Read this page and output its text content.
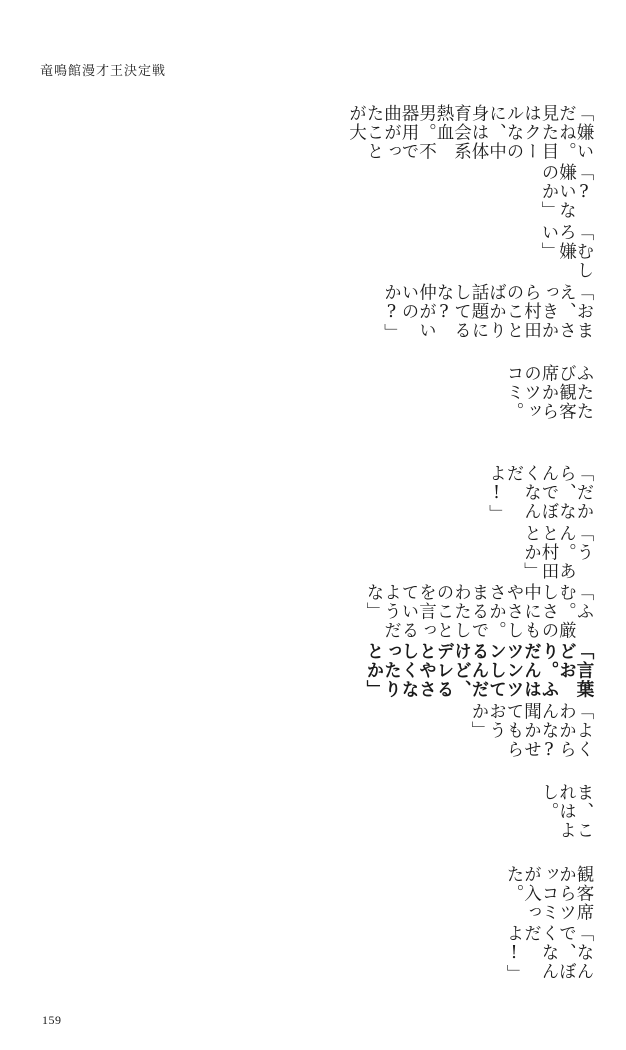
竜鳴館漫才王決定戦
「なんで、ぼくなんだよ!」
観客席からツッコミが入った。
ま、これはよし。
「よくわからんな?　聞かせてもらおうか」
「言葉どおり。ふだんはツンツンしてるんだけど、デレるとやさしくなったりとか」
「ふむ。厳しさの中にもやさしさか。まるでわたしのことを言っているようだな」
「うん。あと村田とか」
「だから、なんでぼくなんだよ!」
ふたたび観客席からのツッコミ。
「おまえ、さっきから村田のことばかり話題にしてるな?　仲がいいのか?」
「むしろ嫌い」
「?　嫌いなのか」
「嫌いだね。見た目はクールなのに、中身は体育会系熱血男。不器用で曲がったことが大
159
